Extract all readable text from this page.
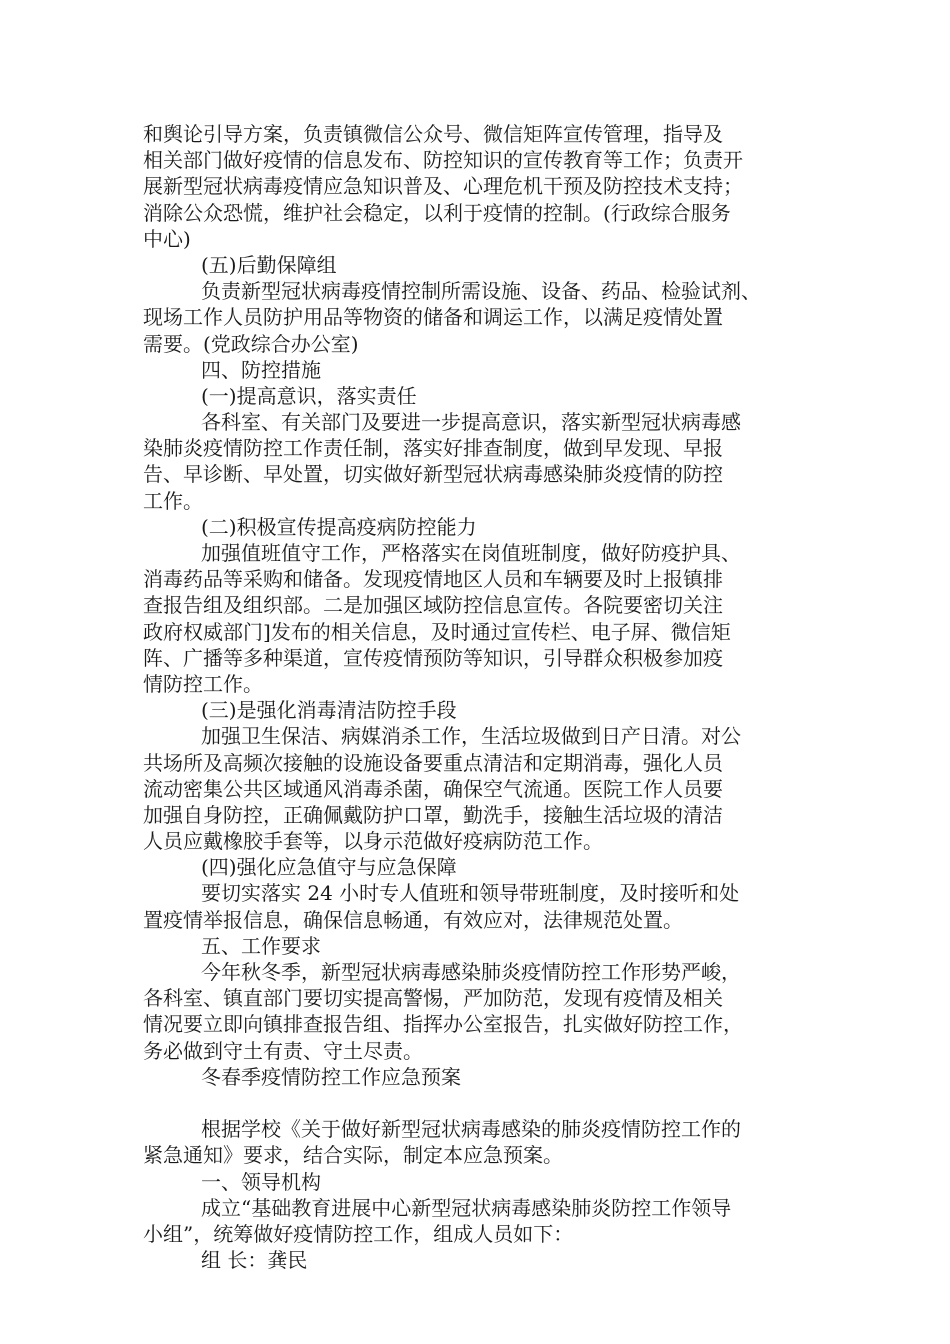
和舆论引导方案，负责镇微信公众号、微信矩阵宣传管理，指导及
相关部门做好疫情的信息发布、防控知识的宣传教育等工作；负责开
展新型冠状病毒疫情应急知识普及、心理危机干预及防控技术支持；
消除公众恐慌，维护社会稳定，以利于疫情的控制。(行政综合服务
中心)
(五)后勤保障组
负责新型冠状病毒疫情控制所需设施、设备、药品、检验试剂、
现场工作人员防护用品等物资的储备和调运工作，以满足疫情处置
需要。(党政综合办公室)
四、防控措施
(一)提高意识，落实责任
各科室、有关部门及要进一步提高意识，落实新型冠状病毒感
染肺炎疫情防控工作责任制，落实好排查制度，做到早发现、早报
告、早诊断、早处置，切实做好新型冠状病毒感染肺炎疫情的防控
工作。
(二)积极宣传提高疫病防控能力
加强值班值守工作，严格落实在岗值班制度，做好防疫护具、
消毒药品等采购和储备。发现疫情地区人员和车辆要及时上报镇排
查报告组及组织部。二是加强区域防控信息宣传。各院要密切关注
政府权威部门]发布的相关信息，及时通过宣传栏、电子屏、微信矩
阵、广播等多种渠道，宣传疫情预防等知识，引导群众积极参加疫
情防控工作。
(三)是强化消毒清洁防控手段
加强卫生保洁、病媒消杀工作，生活垃圾做到日产日清。对公
共场所及高频次接触的设施设备要重点清洁和定期消毒，强化人员
流动密集公共区域通风消毒杀菌，确保空气流通。医院工作人员要
加强自身防控，正确佩戴防护口罩，勤洗手，接触生活垃圾的清洁
人员应戴橡胶手套等，以身示范做好疫病防范工作。
(四)强化应急值守与应急保障
要切实落实 24 小时专人值班和领导带班制度，及时接听和处
置疫情举报信息，确保信息畅通，有效应对，法律规范处置。
五、工作要求
今年秋冬季，新型冠状病毒感染肺炎疫情防控工作形势严峻，
各科室、镇直部门要切实提高警惕，严加防范，发现有疫情及相关
情况要立即向镇排查报告组、指挥办公室报告，扎实做好防控工作，
务必做到守土有责、守土尽责。
冬春季疫情防控工作应急预案
根据学校《关于做好新型冠状病毒感染的肺炎疫情防控工作的
紧急通知》要求，结合实际，制定本应急预案。
一、领导机构
成立“基础教育进展中心新型冠状病毒感染肺炎防控工作领导
小组”，统筹做好疫情防控工作，组成人员如下：
组 长：龚民
